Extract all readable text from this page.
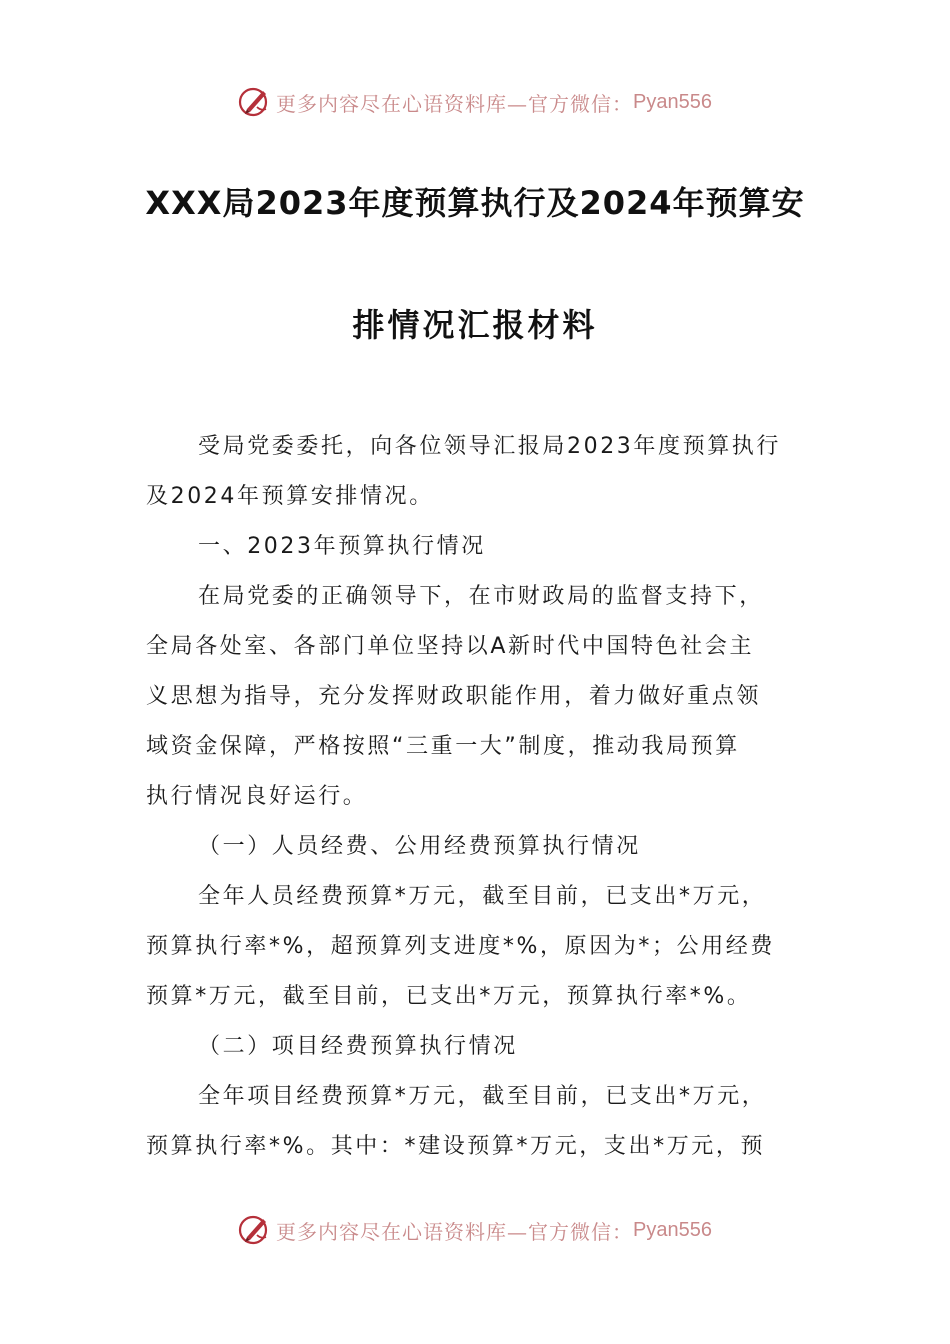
更多内容尽在心语资料库—官方微信： Pyan556
XXX局2023年度预算执行及2024年预算安
排情况汇报材料

受局党委委托，向各位领导汇报局2023年度预算执行
及2024年预算安排情况。

一、2023年预算执行情况

在局党委的正确领导下，在市财政局的监督支持下，
全局各处室、各部门单位坚持以A新时代中国特色社会主
义思想为指导，充分发挥财政职能作用，着力做好重点领
域资金保障，严格按照“三重一大”制度，推动我局预算
执行情况良好运行。

（一）人员经费、公用经费预算执行情况

全年人员经费预算*万元，截至目前，已支出*万元，
预算执行率*%，超预算列支进度*%，原因为*；公用经费
预算*万元，截至目前，已支出*万元，预算执行率*%。

（二）项目经费预算执行情况

全年项目经费预算*万元，截至目前，已支出*万元，
预算执行率*%。其中：*建设预算*万元，支出*万元，预

更多内容尽在心语资料库—官方微信： Pyan556
